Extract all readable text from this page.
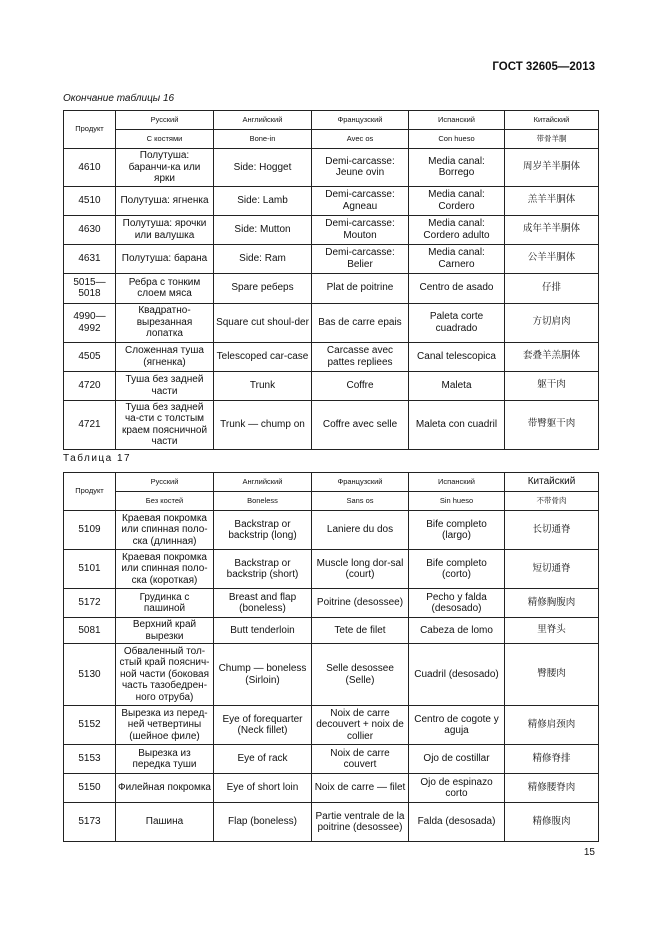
ГОСТ 32605—2013
Окончание таблицы 16
Продукт	Русский	Английский	Французский	Испанский	Китайский
	С костями	Bone-in	Avec os	Con hueso	带骨羊胴
4610	Полутуша: баранчи-ка или ярки	Side: Hogget	Demi-carcasse: Jeune ovin	Media canal: Borrego	周岁羊半胴体
4510	Полутуша: ягненка	Side: Lamb	Demi-carcasse: Agneau	Media canal: Cordero	羔羊半胴体
4630	Полутуша: ярочки или валушка	Side: Mutton	Demi-carcasse: Mouton	Media canal: Cordero adulto	成年羊半胴体
4631	Полутуша: барана	Side: Ram	Demi-carcasse: Belier	Media canal: Carnero	公羊半胴体
5015—5018	Ребра с тонким слоем мяса	Spare реберs	Plat de poitrine	Centro de asado	仔排
4990—4992	Квадратно-вырезанная лопатка	Square cut shoul-der	Bas de carre epais	Paleta corte cuadrado	方切肩肉
4505	Сложенная туша (ягненка)	Telescoped car-case	Carcasse avec pattes repliees	Canal telescopica	套叠羊羔胴体
4720	Туша без задней части	Trunk	Coffre	Maleta	躯干肉
4721	Туша без задней ча-сти с толстым краем поясничной части	Trunk — chump on	Coffre avec selle	Maleta con cuadril	带臀躯干肉
Таблица 17
Продукт	Русский	Английский	Французский	Испанский	Китайский
	Без костей	Boneless	Sans os	Sin hueso	不带骨肉
5109	Краевая покромка или спинная поло-ска (длинная)	Backstrap or backstrip (long)	Laniere du dos	Bife completo (largo)	长切通脊
5101	Краевая покромка или спинная поло-ска (короткая)	Backstrap or backstrip (short)	Muscle long dor-sal (court)	Bife completo (corto)	短切通脊
5172	Грудинка с пашиной	Breast and flap (boneless)	Poitrine (desossee)	Pecho y falda (desosado)	精修胸腹肉
5081	Верхний край вырезки	Butt tenderloin	Tete de filet	Cabeza de lomo	里脊头
5130	Обваленный тол-стый край пояснич-ной части (боковая часть тазобедрен-ного отруба)	Chump — boneless (Sirloin)	Selle desossee (Selle)	Cuadril (desosado)	臀腰肉
5152	Вырезка из перед-ней четвертины (шейное филе)	Eye of forequarter (Neck fillet)	Noix de carre decouvert + noix de collier	Centro de cogote y aguja	精修肩颈肉
5153	Вырезка из передка туши	Eye of rack	Noix de carre couvert	Ojo de costillar	精修脊排
5150	Филейная покромка	Eye of short loin	Noix de carre — filet	Ojo de espinazo corto	精修腰脊肉
5173	Пашина	Flap (boneless)	Partie ventrale de la poitrine (desossee)	Falda (desosada)	精修腹肉
15
